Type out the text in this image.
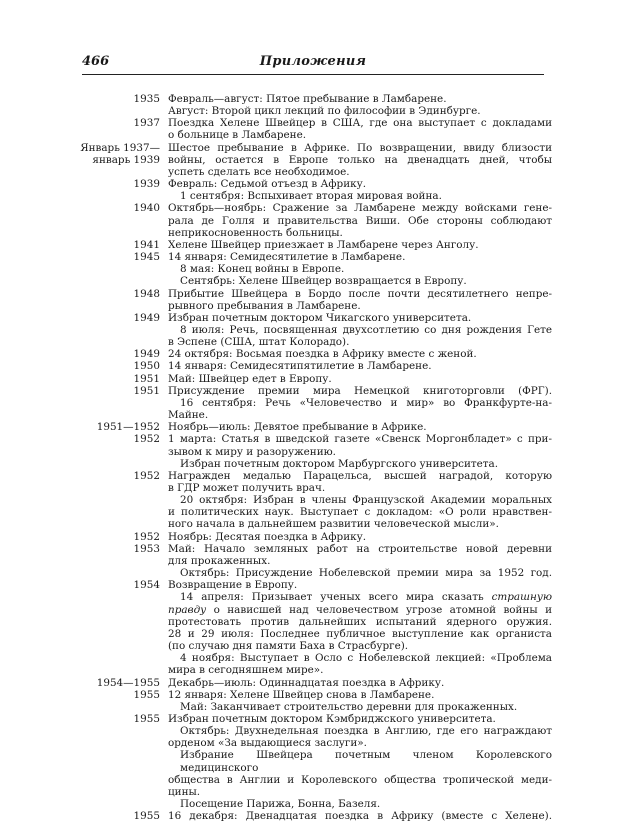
466	Приложения
1935 Февраль—август: Пятое пребывание в Ламбарене.
Август: Второй цикл лекций по философии в Эдинбурге.
1937 Поездка Хелене Швейцер в США, где она выступает с докладами
о больнице в Ламбарене.
Январь 1937—
январь 1939
Шестое пребывание в Африке. По возвращении, ввиду близости
войны, остается в Европе только на двенадцать дней, чтобы
успеть сделать все необходимое.
1939 Февраль: Седьмой отъезд в Африку.
1 сентября: Вспыхивает вторая мировая война.
1940 Октябрь—ноябрь: Сражение за Ламбарене между войсками гене-
рала де Голля и правительства Виши. Обе стороны соблюдают
неприкосновенность больницы.
1941 Хелене Швейцер приезжает в Ламбарене через Анголу.
1945 14 января: Семидесятилетие в Ламбарене.
8 мая: Конец войны в Европе.
Сентябрь: Хелене Швейцер возвращается в Европу.
1948 Прибытие Швейцера в Бордо после почти десятилетнего непре-
рывного пребывания в Ламбарене.
1949 Избран почетным доктором Чикагского университета.
8 июля: Речь, посвященная двухсотлетию со дня рождения Гете
в Эспене (США, штат Колорадо).
1949 24 октября: Восьмая поездка в Африку вместе с женой.
1950 14 января: Семидесятипятилетие в Ламбарене.
1951 Май: Швейцер едет в Европу.
1951 Присуждение премии мира Немецкой книготорговли (ФРГ).
16 сентября: Речь «Человечество и мир» во Франкфурте-на-
Майне.
1951—1952 Ноябрь—июль: Девятое пребывание в Африке.
1952 1 марта: Статья в шведской газете «Свенск Моргонбладет» с при-
зывом к миру и разоружению.
Избран почетным доктором Марбургского университета.
1952 Награжден медалью Парацельса, высшей наградой, которую
в ГДР может получить врач.
20 октября: Избран в члены Французской Академии моральных
и политических наук. Выступает с докладом: «О роли нравствен-
ного начала в дальнейшем развитии человеческой мысли».
1952 Ноябрь: Десятая поездка в Африку.
1953 Май: Начало земляных работ на строительстве новой деревни
для прокаженных.
Октябрь: Присуждение Нобелевской премии мира за 1952 год.
1954 Возвращение в Европу.
14 апреля: Призывает ученых всего мира сказать страшную
правду о нависшей над человечеством угрозе атомной войны и
протестовать против дальнейших испытаний ядерного оружия.
28 и 29 июля: Последнее публичное выступление как органиста
(по случаю дня памяти Баха в Страсбурге).
4 ноября: Выступает в Осло с Нобелевской лекцией: «Проблема
мира в сегодняшнем мире».
1954—1955 Декабрь—июль: Одиннадцатая поездка в Африку.
1955 12 января: Хелене Швейцер снова в Ламбарене.
Май: Заканчивает строительство деревни для прокаженных.
1955 Избран почетным доктором Кэмбриджского университета.
Октябрь: Двухнедельная поездка в Англию, где его награждают
орденом «За выдающиеся заслуги».
Избрание Швейцера почетным членом Королевского медицинского
общества в Англии и Королевского общества тропической меди-
цины.
Посещение Парижа, Бонна, Базеля.
1955 16 декабря: Двенадцатая поездка в Африку (вместе с Хелене).
